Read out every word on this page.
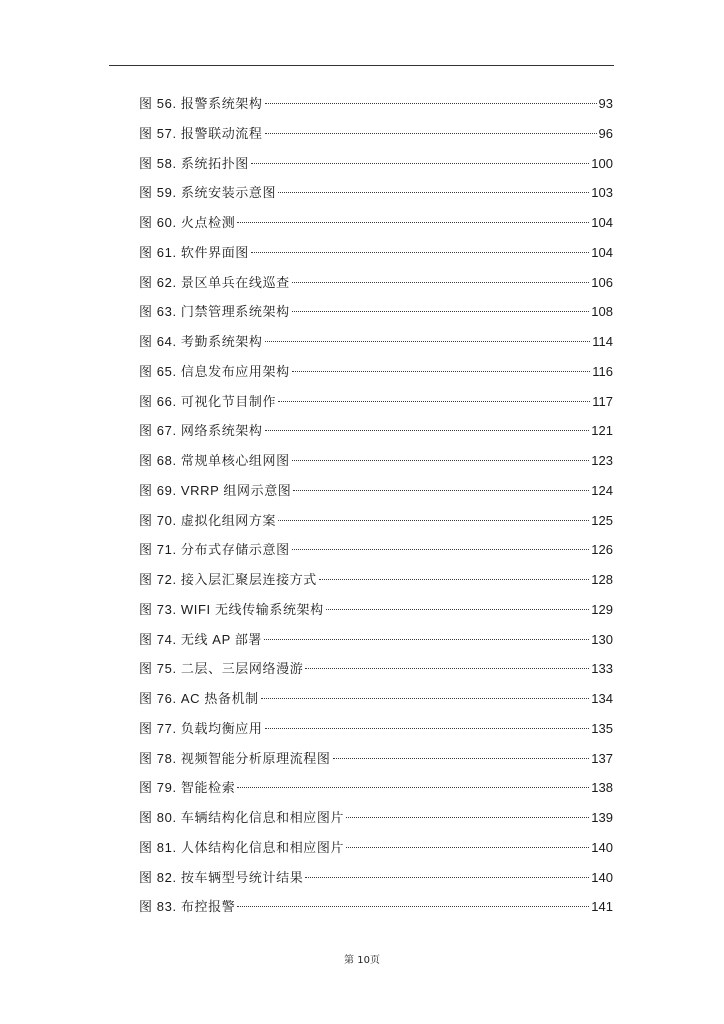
图 56. 报警系统架构	93
图 57. 报警联动流程	96
图 58. 系统拓扑图	100
图 59. 系统安装示意图	103
图 60. 火点检测	104
图 61. 软件界面图	104
图 62. 景区单兵在线巡查	106
图 63. 门禁管理系统架构	108
图 64. 考勤系统架构	114
图 65. 信息发布应用架构	116
图 66. 可视化节目制作	117
图 67. 网络系统架构	121
图 68. 常规单核心组网图	123
图 69. VRRP 组网示意图	124
图 70. 虚拟化组网方案	125
图 71. 分布式存储示意图	126
图 72. 接入层汇聚层连接方式	128
图 73. WIFI 无线传输系统架构	129
图 74. 无线 AP 部署	130
图 75. 二层、三层网络漫游	133
图 76. AC 热备机制	134
图 77. 负载均衡应用	135
图 78. 视频智能分析原理流程图	137
图 79. 智能检索	138
图 80. 车辆结构化信息和相应图片	139
图 81. 人体结构化信息和相应图片	140
图 82. 按车辆型号统计结果	140
图 83. 布控报警	141
第 10页
